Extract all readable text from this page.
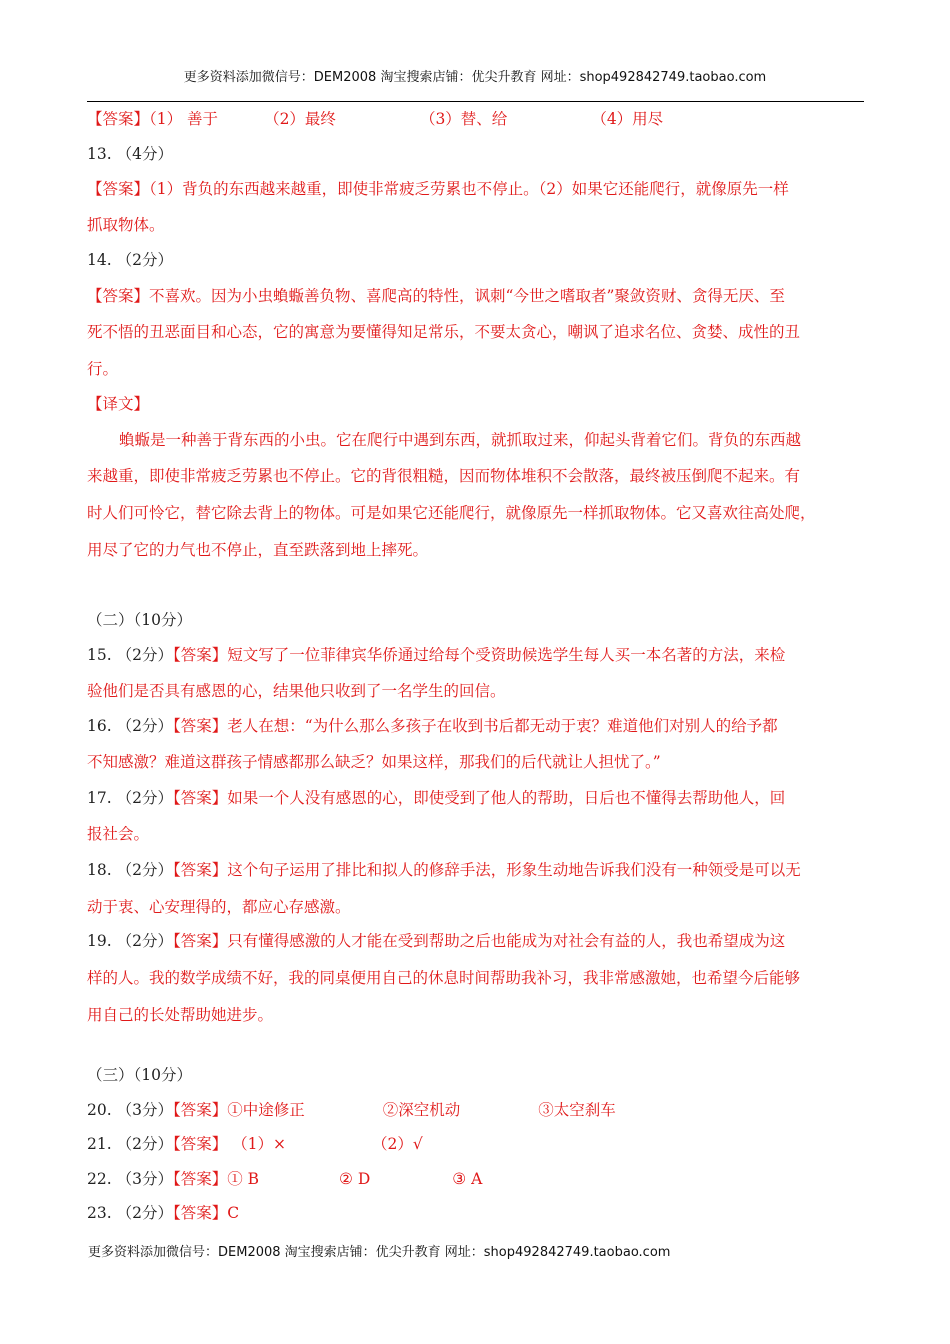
更多资料添加微信号：DEM2008 淘宝搜索店铺：优尖升教育 网址：shop492842749.taobao.com
【答案】（1） 善于	（2）最终	（3）替、给	（4）用尽
13. （4分）
【答案】（1）背负的东西越来越重，即使非常疲乏劳累也不停止。（2）如果它还能爬行，就像原先一样
抓取物体。
14. （2分）
【答案】不喜欢。因为小虫蝜蝂善负物、喜爬高的特性，讽刺“今世之嗜取者”聚敛资财、贪得无厌、至
死不悟的丑恶面目和心态，它的寓意为要懂得知足常乐，不要太贪心，嘲讽了追求名位、贪婪、成性的丑
行。
【译文】
蝜蝂是一种善于背东西的小虫。它在爬行中遇到东西，就抓取过来，仰起头背着它们。背负的东西越
来越重，即使非常疲乏劳累也不停止。它的背很粗糙，因而物体堆积不会散落，最终被压倒爬不起来。有
时人们可怜它，替它除去背上的物体。可是如果它还能爬行，就像原先一样抓取物体。它又喜欢往高处爬，
用尽了它的力气也不停止，直至跌落到地上摔死。
（二）（10分）
15. （2分）【答案】短文写了一位菲律宾华侨通过给每个受资助候选学生每人买一本名著的方法，来检
验他们是否具有感恩的心，结果他只收到了一名学生的回信。
16. （2分）【答案】老人在想：“为什么那么多孩子在收到书后都无动于衷？难道他们对别人的给予都
不知感激？难道这群孩子情感都那么缺乏？如果这样，那我们的后代就让人担忧了。”
17. （2分）【答案】如果一个人没有感恩的心，即使受到了他人的帮助，日后也不懂得去帮助他人，回
报社会。
18. （2分）【答案】这个句子运用了排比和拟人的修辞手法，形象生动地告诉我们没有一种领受是可以无
动于衷、心安理得的，都应心存感激。
19. （2分）【答案】只有懂得感激的人才能在受到帮助之后也能成为对社会有益的人，我也希望成为这
样的人。我的数学成绩不好，我的同桌便用自己的休息时间帮助我补习，我非常感激她，也希望今后能够
用自己的长处帮助她进步。
（三）（10分）
20. （3分）【答案】①中途修正	②深空机动	③太空刹车
21. （2分）【答案】 （1）×	（2）√
22. （3分）【答案】① B	② D	③ A
23. （2分）【答案】C
更多资料添加微信号：DEM2008 淘宝搜索店铺：优尖升教育 网址：shop492842749.taobao.com
